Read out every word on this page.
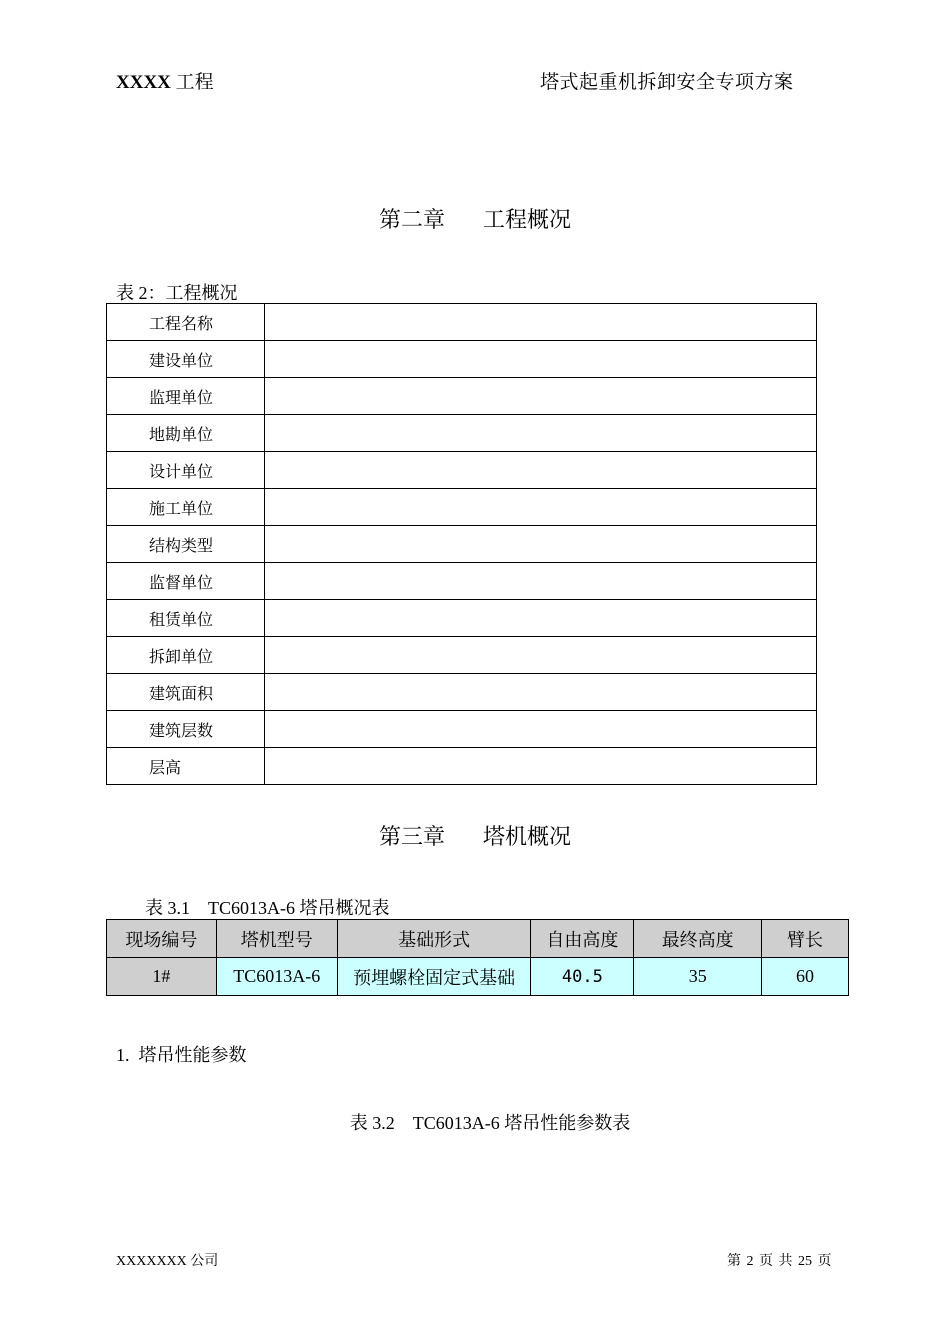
XXXX 工程	塔式起重机拆卸安全专项方案
第二章 工程概况
表 2：工程概况
工程名称	
建设单位	
监理单位	
地勘单位	
设计单位	
施工单位	
结构类型	
监督单位	
租赁单位	
拆卸单位	
建筑面积	
建筑层数	
层高	
第三章 塔机概况
表 3.1    TC6013A-6 塔吊概况表
现场编号	塔机型号	基础形式	自由高度	最终高度	臂长
1#	TC6013A-6	预埋螺栓固定式基础	40.5	35	60
1.  塔吊性能参数
表 3.2    TC6013A-6 塔吊性能参数表
XXXXXXX 公司	第 2 页 共 25 页
